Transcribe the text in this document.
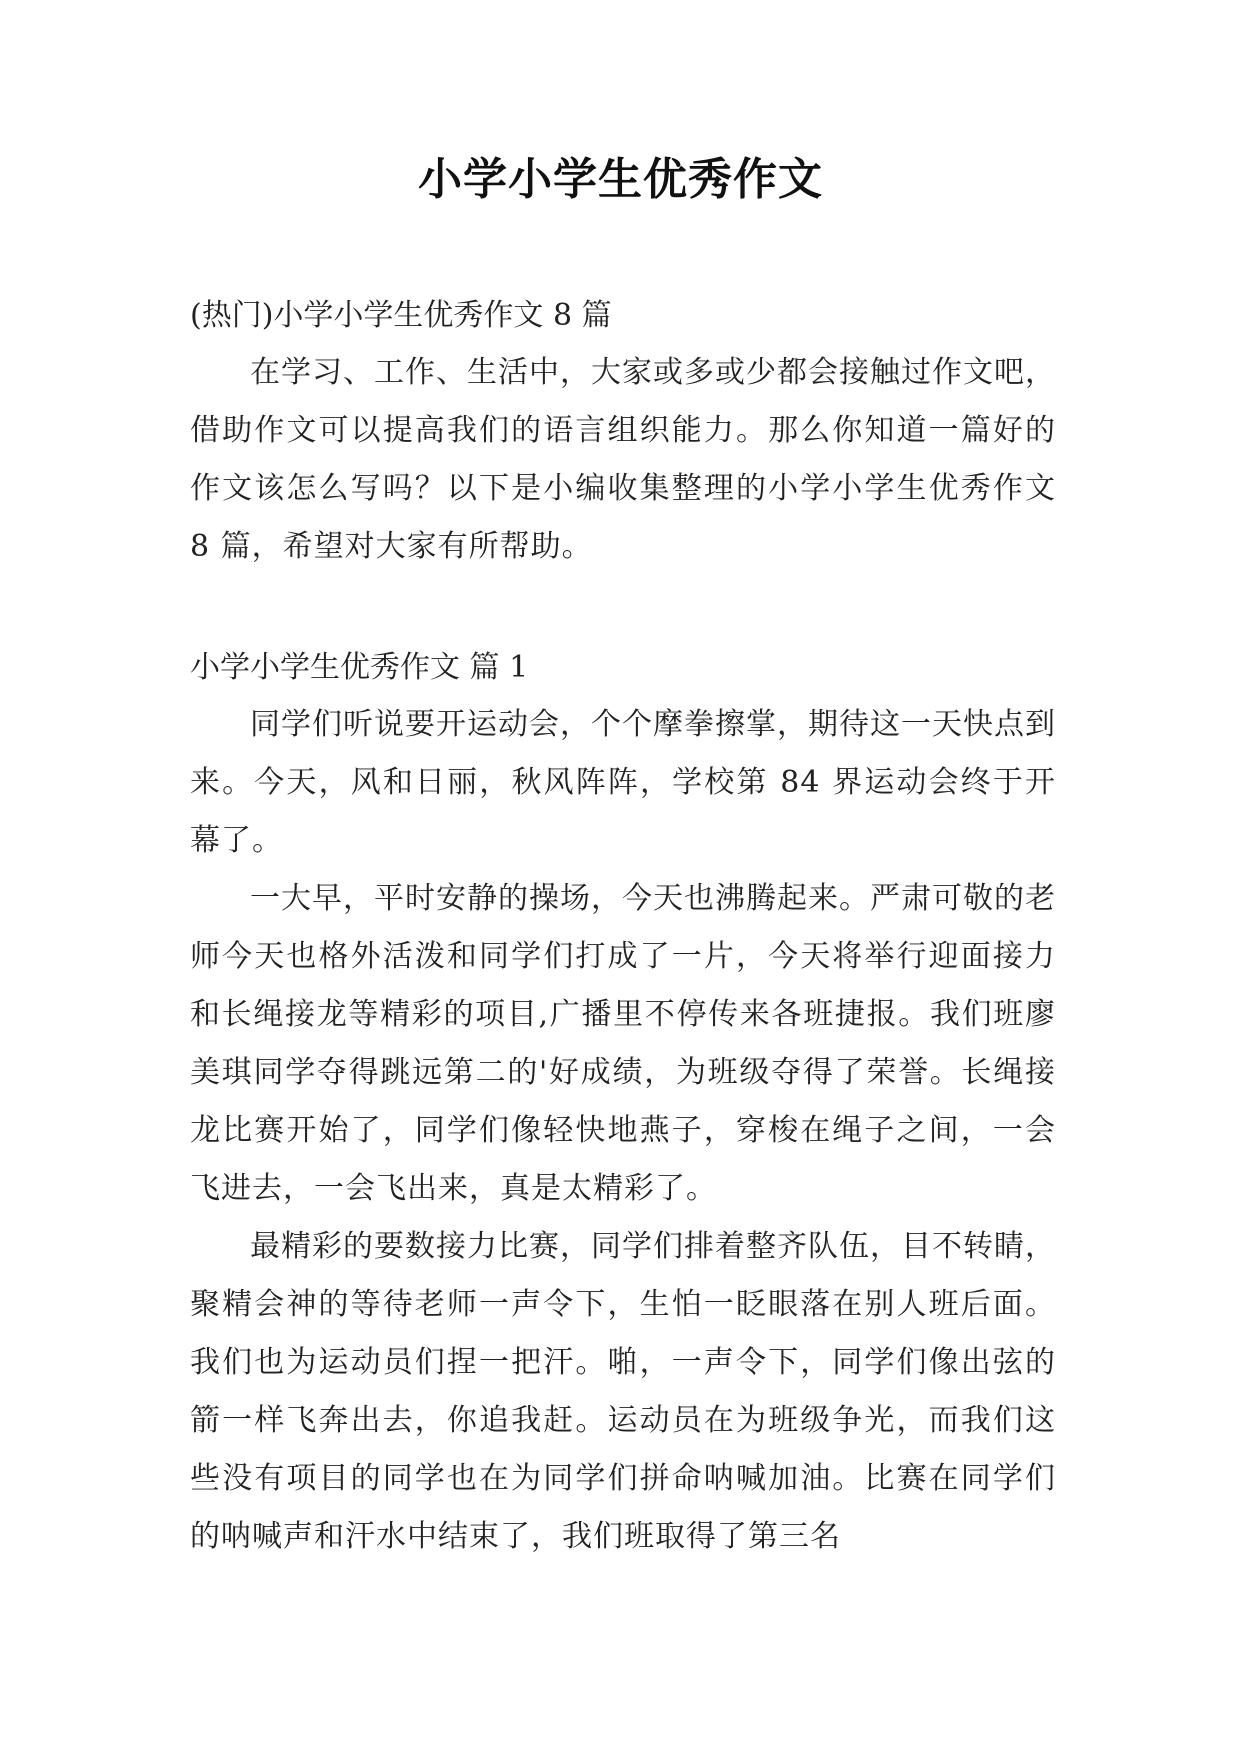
小学小学生优秀作文

(热门)小学小学生优秀作文 8 篇

在学习、工作、生活中，大家或多或少都会接触过作文吧，借助作文可以提高我们的语言组织能力。那么你知道一篇好的作文该怎么写吗？以下是小编收集整理的小学小学生优秀作文 8 篇，希望对大家有所帮助。

小学小学生优秀作文 篇 1

同学们听说要开运动会，个个摩拳擦掌，期待这一天快点到来。今天，风和日丽，秋风阵阵，学校第 84 界运动会终于开幕了。

一大早，平时安静的操场，今天也沸腾起来。严肃可敬的老师今天也格外活泼和同学们打成了一片，今天将举行迎面接力和长绳接龙等精彩的项目,广播里不停传来各班捷报。我们班廖美琪同学夺得跳远第二的'好成绩，为班级夺得了荣誉。长绳接龙比赛开始了，同学们像轻快地燕子，穿梭在绳子之间，一会飞进去，一会飞出来，真是太精彩了。

最精彩的要数接力比赛，同学们排着整齐队伍，目不转睛，聚精会神的等待老师一声令下，生怕一眨眼落在别人班后面。我们也为运动员们捏一把汗。啪，一声令下，同学们像出弦的箭一样飞奔出去，你追我赶。运动员在为班级争光，而我们这些没有项目的同学也在为同学们拼命呐喊加油。比赛在同学们的呐喊声和汗水中结束了，我们班取得了第三名
